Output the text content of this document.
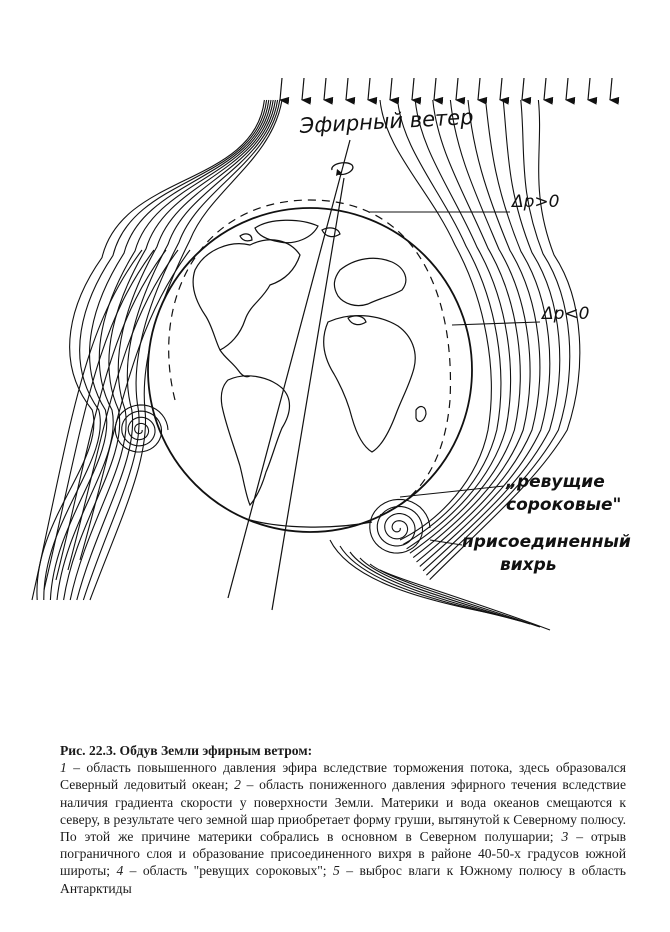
Эфирный ветер
Δp>0
Δp<0
„ревущие
сороковые"
присоединенный
вихрь
Рис. 22.3. Обдув Земли эфирным ветром:
1 – область повышенного давления эфира вследствие торможения потока, здесь образовался Северный ледовитый океан; 2 – область пониженного давления эфирного течения вследствие наличия градиента скорости у поверхности Земли. Материки и вода океанов смещаются к северу, в результате чего земной шар приобретает форму груши, вытянутой к Северному полюсу. По этой же причине материки собрались в основном в Северном полушарии; 3 – отрыв пограничного слоя и образование присоединенного вихря в районе 40-50-х градусов южной широты; 4 – область "ревущих сороковых"; 5 – выброс влаги к Южному полюсу в область Антарктиды
